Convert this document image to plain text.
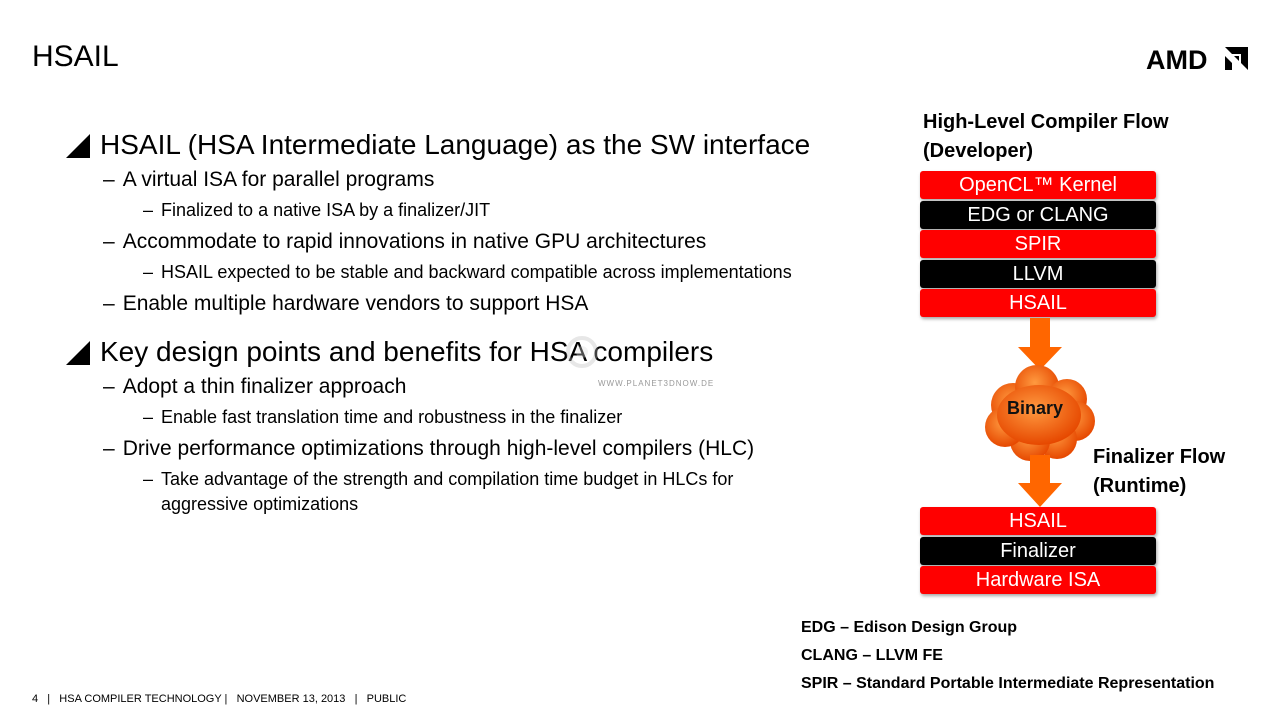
HSAIL	AMD
HSAIL (HSA Intermediate Language) as the SW interface
– A virtual ISA for parallel programs
– Finalized to a native ISA by a finalizer/JIT
– Accommodate to rapid innovations in native GPU architectures
– HSAIL expected to be stable and backward compatible across implementations
– Enable multiple hardware vendors to support HSA
Key design points and benefits for HSA compilers
– Adopt a thin finalizer approach
– Enable fast translation time and robustness in the finalizer
– Drive performance optimizations through high-level compilers (HLC)
– Take advantage of the strength and compilation time budget in HLCs for aggressive optimizations
WWW.PLANET3DNOW.DE
High-Level Compiler Flow
(Developer)
OpenCL™ Kernel
EDG or CLANG
SPIR
LLVM
HSAIL
Binary
Finalizer Flow
(Runtime)
HSAIL
Finalizer
Hardware ISA
EDG – Edison Design Group
CLANG – LLVM FE
SPIR – Standard Portable Intermediate Representation
4   |   HSA COMPILER TECHNOLOGY |   NOVEMBER 13, 2013   |   PUBLIC
